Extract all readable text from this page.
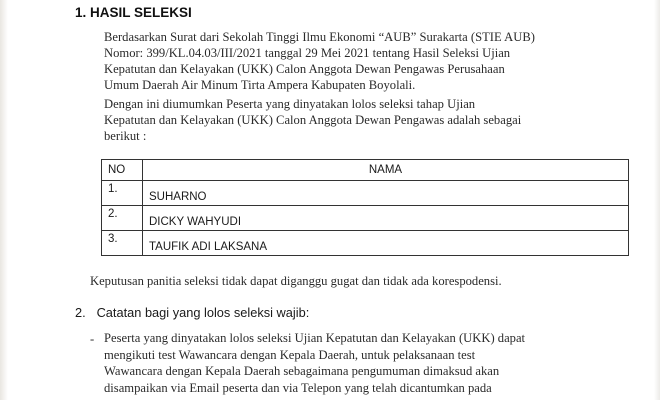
1. HASIL SELEKSI
Berdasarkan Surat dari Sekolah Tinggi Ilmu Ekonomi “AUB” Surakarta (STIE AUB)
Nomor: 399/KL.04.03/III/2021 tanggal 29 Mei 2021 tentang Hasil Seleksi Ujian
Kepatutan dan Kelayakan (UKK) Calon Anggota Dewan Pengawas Perusahaan
Umum Daerah Air Minum Tirta Ampera Kabupaten Boyolali.
Dengan ini diumumkan Peserta yang dinyatakan lolos seleksi tahap Ujian
Kepatutan dan Kelayakan (UKK) Calon Anggota Dewan Pengawas adalah sebagai
berikut :
NO	NAMA
1.	SUHARNO
2.	DICKY WAHYUDI
3.	TAUFIK ADI LAKSANA
Keputusan panitia seleksi tidak dapat diganggu gugat dan tidak ada korespodensi.
2. Catatan bagi yang lolos seleksi wajib:
- Peserta yang dinyatakan lolos seleksi Ujian Kepatutan dan Kelayakan (UKK) dapat
mengikuti test Wawancara dengan Kepala Daerah, untuk pelaksanaan test
Wawancara dengan Kepala Daerah sebagaimana pengumuman dimaksud akan
disampaikan via Email peserta dan via Telepon yang telah dicantumkan pada
